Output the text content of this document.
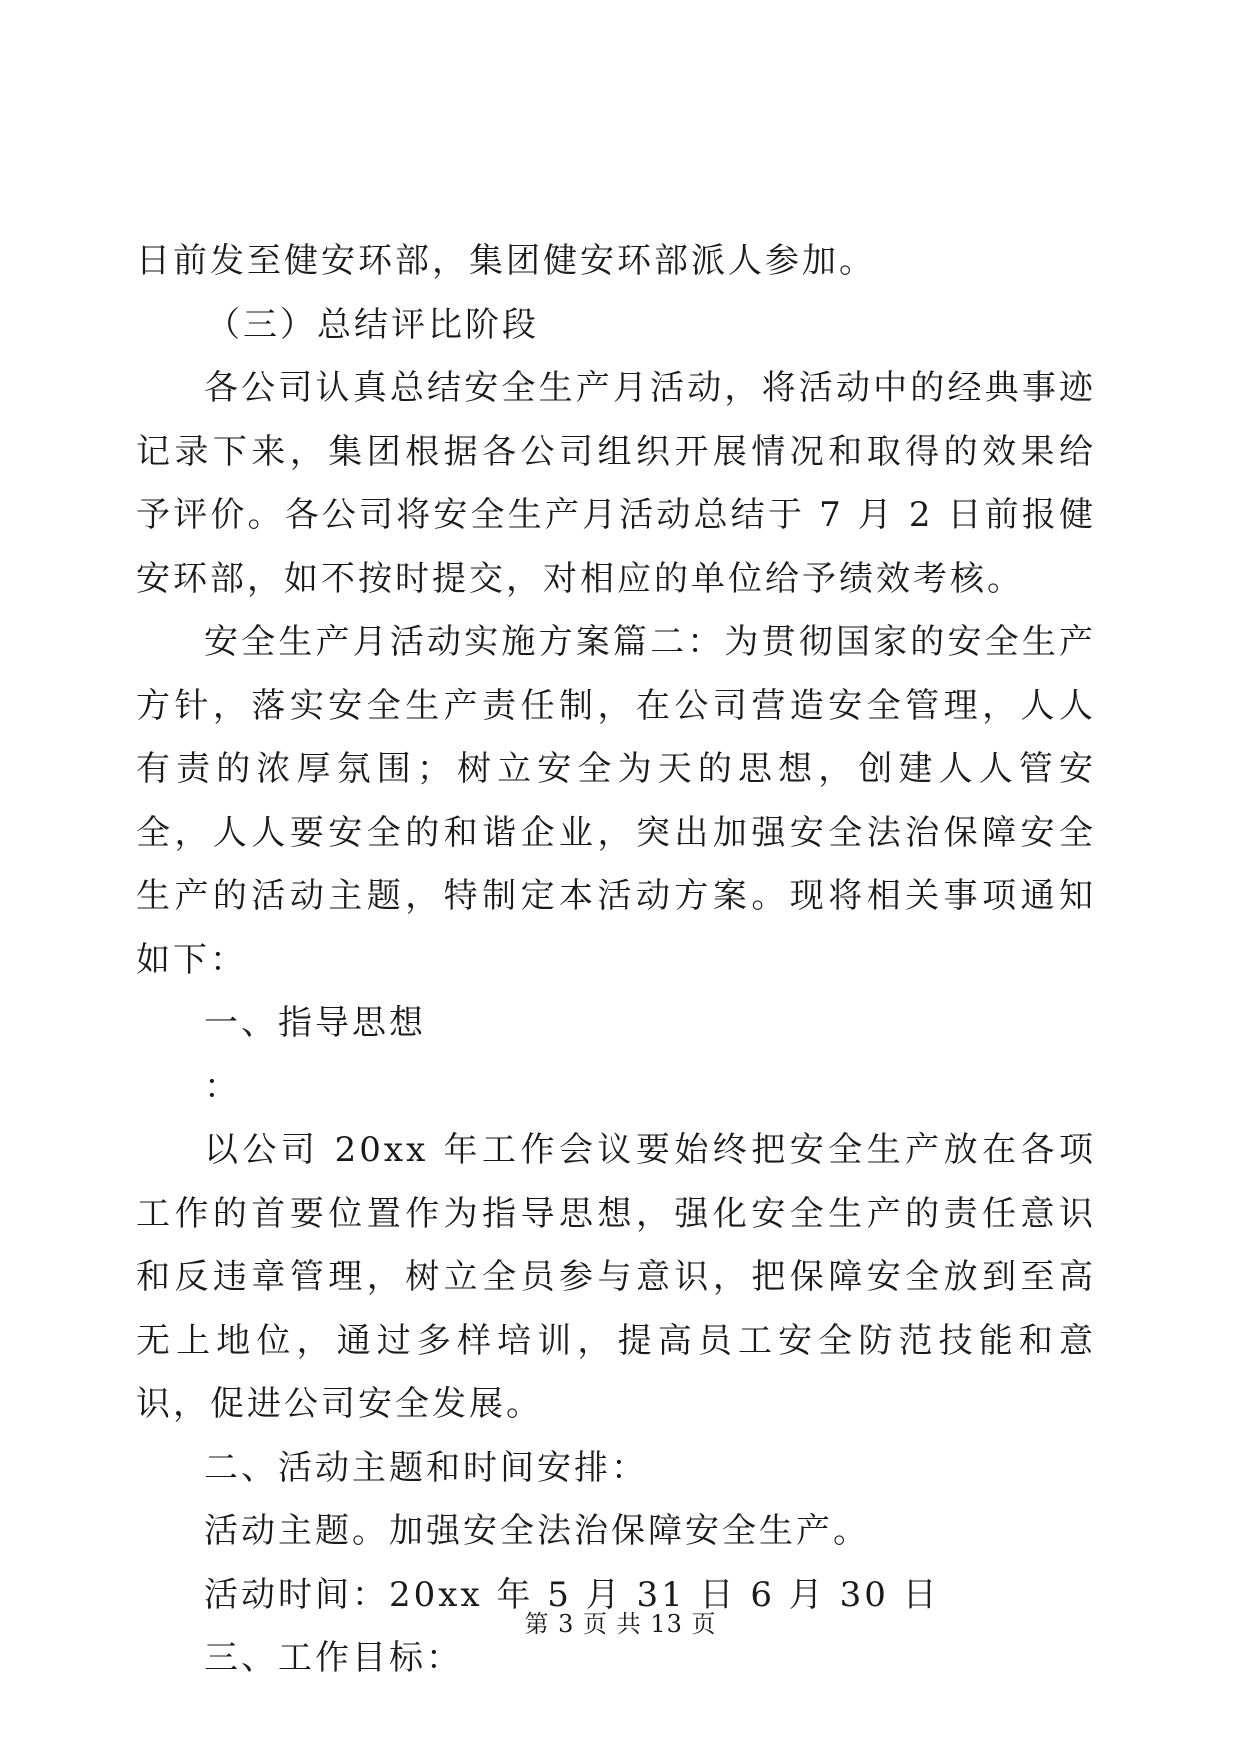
日前发至健安环部，集团健安环部派人参加。

（三）总结评比阶段

各公司认真总结安全生产月活动，将活动中的经典事迹记录下来，集团根据各公司组织开展情况和取得的效果给予评价。各公司将安全生产月活动总结于 7 月 2 日前报健安环部，如不按时提交，对相应的单位给予绩效考核。

安全生产月活动实施方案篇二：为贯彻国家的安全生产方针，落实安全生产责任制，在公司营造安全管理，人人有责的浓厚氛围；树立安全为天的思想，创建人人管安全，人人要安全的和谐企业，突出加强安全法治保障安全生产的活动主题，特制定本活动方案。现将相关事项通知如下：

一、指导思想

：

以公司 20xx 年工作会议要始终把安全生产放在各项工作的首要位置作为指导思想，强化安全生产的责任意识和反违章管理，树立全员参与意识，把保障安全放到至高无上地位，通过多样培训，提高员工安全防范技能和意识，促进公司安全发展。

二、活动主题和时间安排：

活动主题。加强安全法治保障安全生产。

活动时间：20xx 年 5 月 31 日 6 月 30 日

三、工作目标：

第 3 页 共 13 页
